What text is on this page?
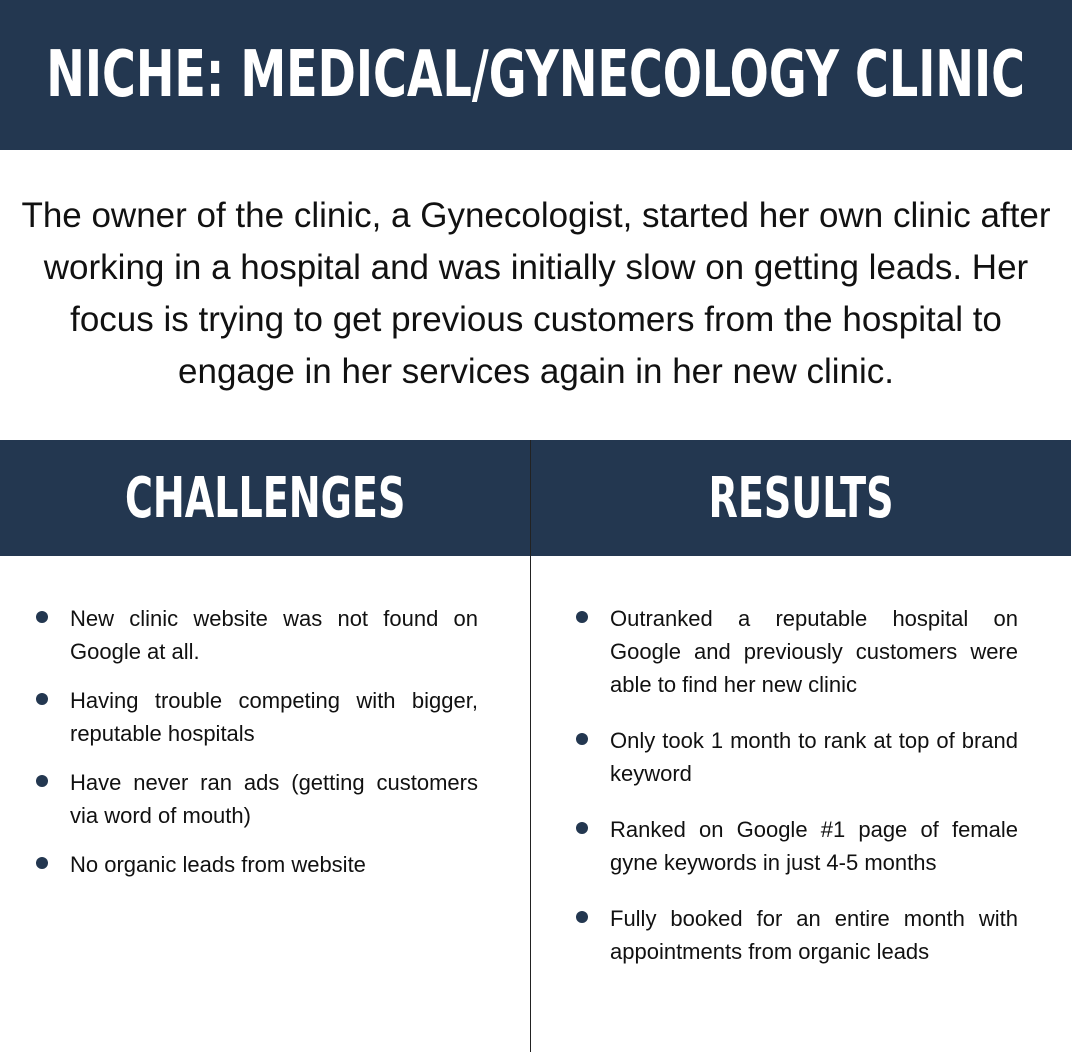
NICHE: MEDICAL/GYNECOLOGY CLINIC
The owner of the clinic, a Gynecologist, started her own clinic after working in a hospital and was initially slow on getting leads. Her focus is trying to get previous customers from the hospital to engage in her services again in her new clinic.
CHALLENGES	RESULTS
New clinic website was not found on Google at all.
Having trouble competing with bigger, reputable hospitals
Have never ran ads (getting customers via word of mouth)
No organic leads from website
Outranked a reputable hospital on Google and previously customers were able to find her new clinic
Only took 1 month to rank at top of brand keyword
Ranked on Google #1 page of female gyne keywords in just 4-5 months
Fully booked for an entire month with appointments from organic leads
